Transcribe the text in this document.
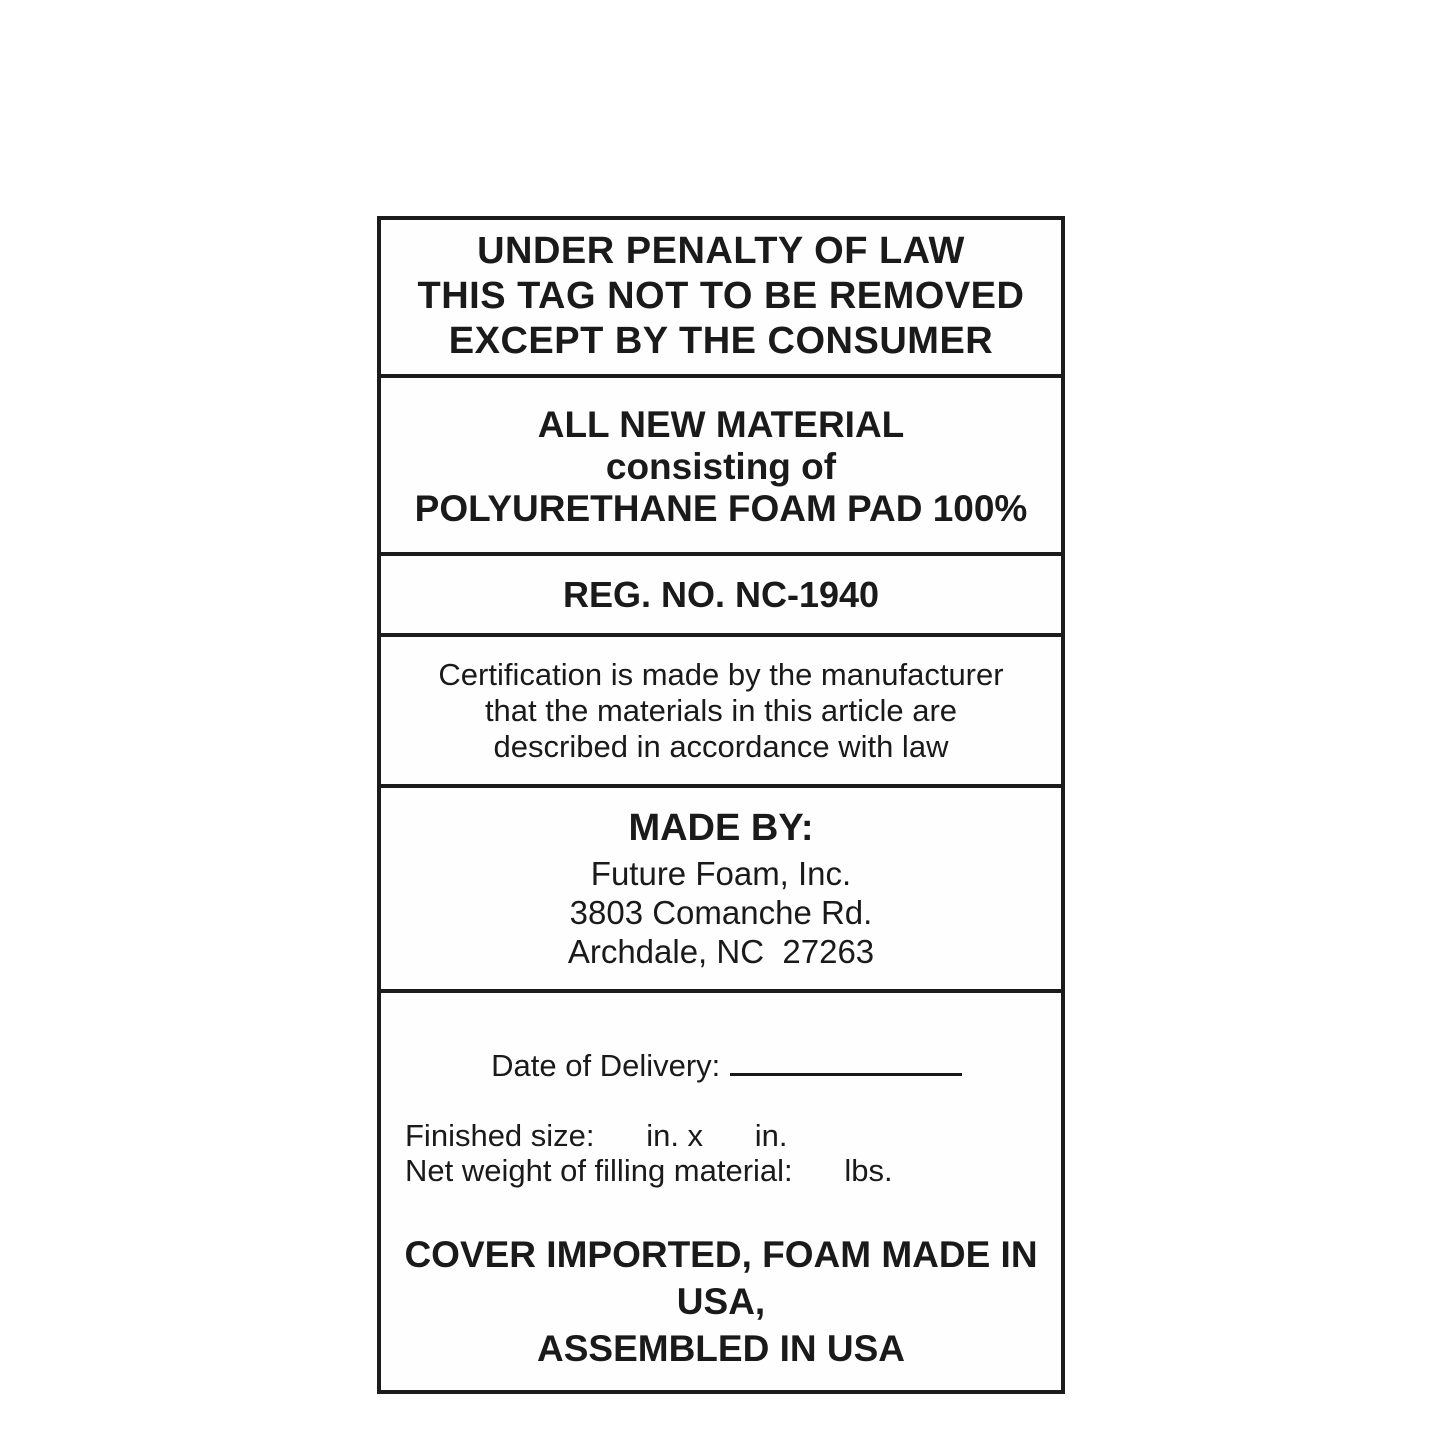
UNDER PENALTY OF LAW
THIS TAG NOT TO BE REMOVED
EXCEPT BY THE CONSUMER
ALL NEW MATERIAL
consisting of
POLYURETHANE FOAM PAD 100%
REG. NO. NC-1940
Certification is made by the manufacturer
that the materials in this article are
described in accordance with law
MADE BY:
Future Foam, Inc.
3803 Comanche Rd.
Archdale, NC  27263

Date of Delivery:

Finished size:      in. x      in.
Net weight of filling material:      lbs.
COVER IMPORTED, FOAM MADE IN USA,
ASSEMBLED IN USA
